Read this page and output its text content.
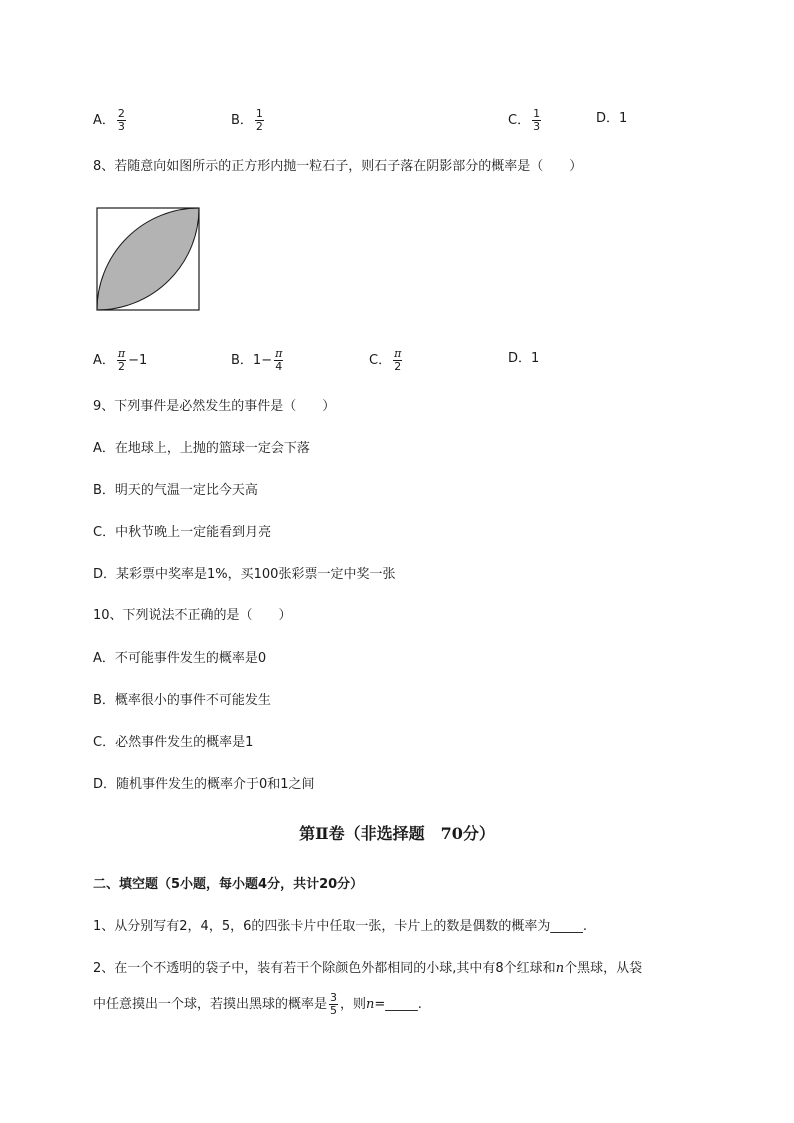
A． $\frac{2}{3}$	B． $\frac{1}{2}$	C． $\frac{1}{3}$	D．1
8、若随意向如图所示的正方形内抛一粒石子，则石子落在阴影部分的概率是（　　）
A． $\frac{\pi}{2} -1$	B．$1- \frac{\pi}{4}$	C． $\frac{\pi}{2}$	D．1
9、下列事件是必然发生的事件是（　　）
A．在地球上，上抛的篮球一定会下落
B．明天的气温一定比今天高
C．中秋节晚上一定能看到月亮
D．某彩票中奖率是1%，买100张彩票一定中奖一张
10、下列说法不正确的是（　　）
A．不可能事件发生的概率是0
B．概率很小的事件不可能发生
C．必然事件发生的概率是1
D．随机事件发生的概率介于0和1之间
第Ⅱ卷（非选择题　70分）
二、填空题（5小题，每小题4分，共计20分）
1、从分别写有2，4，5，6的四张卡片中任取一张，卡片上的数是偶数的概率为_____.
2、在一个不透明的袋子中，装有若干个除颜色外都相同的小球,其中有8个红球和n个黑球，从袋
中任意摸出一个球，若摸出黑球的概率是 $\frac{3}{5}$ ，则n=_____.
